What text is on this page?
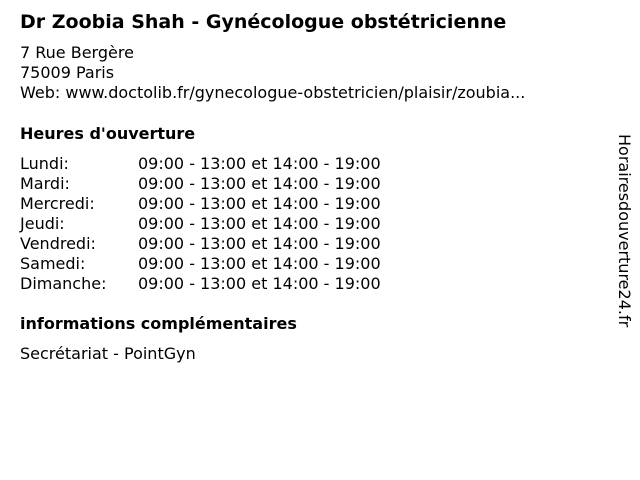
Dr Zoobia Shah - Gynécologue obstétricienne
7 Rue Bergère
75009 Paris
Web: www.doctolib.fr/gynecologue-obstetricien/plaisir/zoubia...
Heures d'ouverture
Lundi:	09:00 - 13:00 et 14:00 - 19:00
Mardi:	09:00 - 13:00 et 14:00 - 19:00
Mercredi:	09:00 - 13:00 et 14:00 - 19:00
Jeudi:	09:00 - 13:00 et 14:00 - 19:00
Vendredi:	09:00 - 13:00 et 14:00 - 19:00
Samedi:	09:00 - 13:00 et 14:00 - 19:00
Dimanche:	09:00 - 13:00 et 14:00 - 19:00
informations complémentaires
Secrétariat - PointGyn
Horairesdouverture24.fr
